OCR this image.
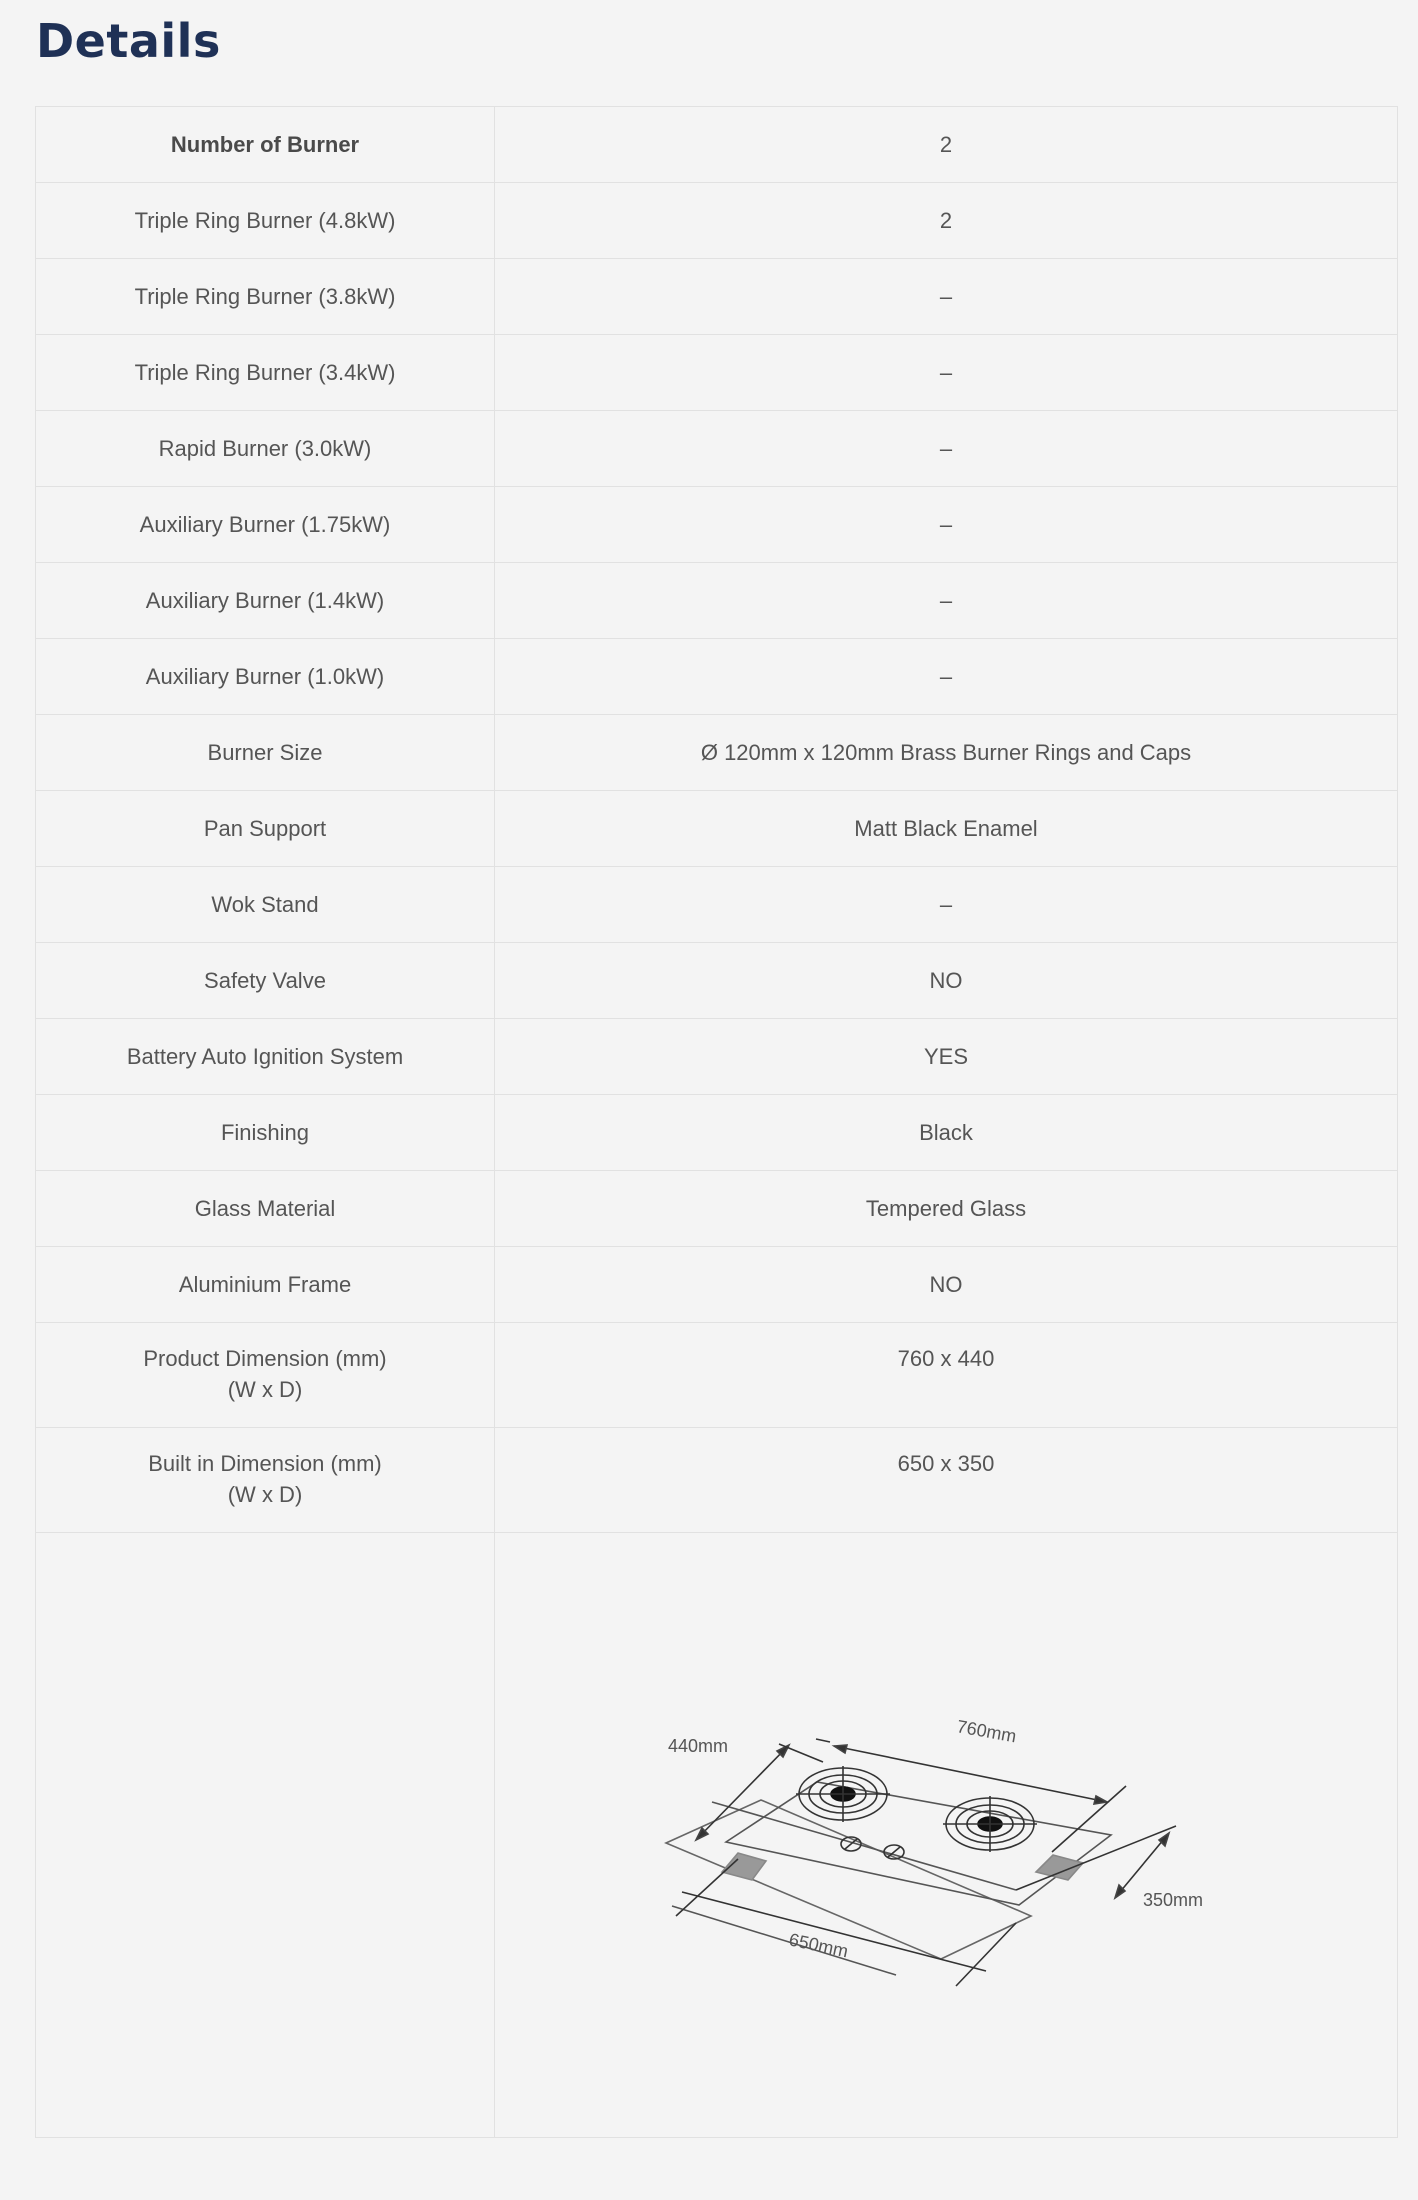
Details
Number of Burner	2
Triple Ring Burner (4.8kW)	2
Triple Ring Burner (3.8kW)	–
Triple Ring Burner (3.4kW)	–
Rapid Burner (3.0kW)	–
Auxiliary Burner (1.75kW)	–
Auxiliary Burner (1.4kW)	–
Auxiliary Burner (1.0kW)	–
Burner Size	Ø 120mm x 120mm Brass Burner Rings and Caps
Pan Support	Matt Black Enamel
Wok Stand	–
Safety Valve	NO
Battery Auto Ignition System	YES
Finishing	Black
Glass Material	Tempered Glass
Aluminium Frame	NO

Product Dimension (mm)
(W x D)	760 x 440

Built in Dimension (mm)
(W x D)	650 x 350

440mm 760mm
650mm
350mm
